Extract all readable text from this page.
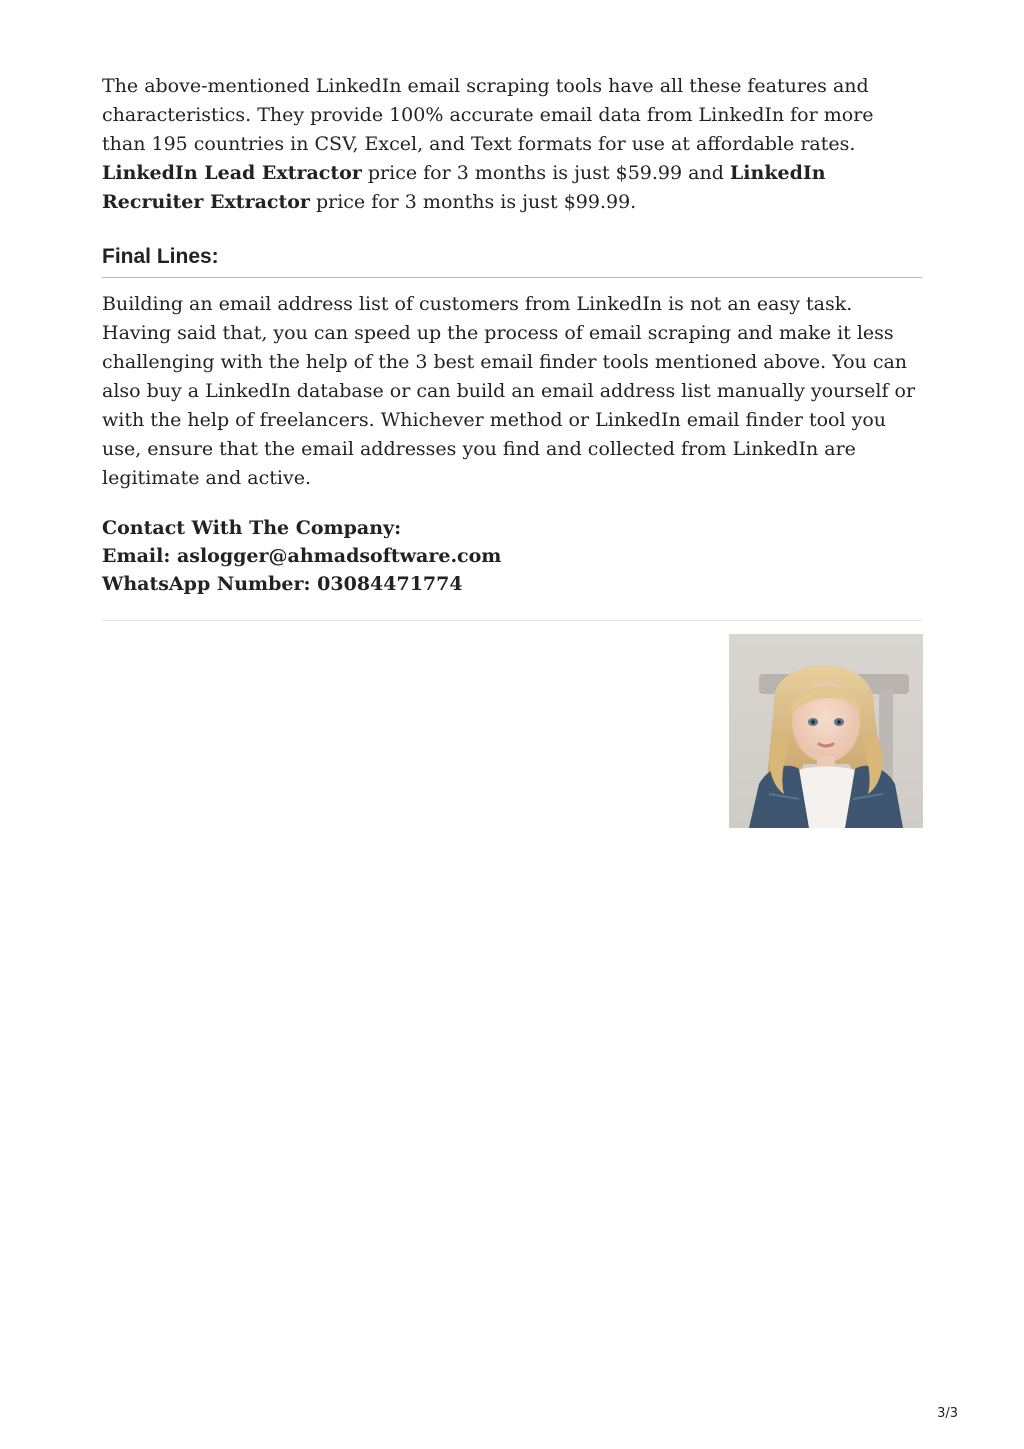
The above-mentioned LinkedIn email scraping tools have all these features and characteristics. They provide 100% accurate email data from LinkedIn for more than 195 countries in CSV, Excel, and Text formats for use at affordable rates. LinkedIn Lead Extractor price for 3 months is just $59.99 and LinkedIn Recruiter Extractor price for 3 months is just $99.99.

Final Lines:

Building an email address list of customers from LinkedIn is not an easy task. Having said that, you can speed up the process of email scraping and make it less challenging with the help of the 3 best email finder tools mentioned above. You can also buy a LinkedIn database or can build an email address list manually yourself or with the help of freelancers. Whichever method or LinkedIn email finder tool you use, ensure that the email addresses you find and collected from LinkedIn are legitimate and active.

Contact With The Company:
Email: aslogger@ahmadsoftware.com
WhatsApp Number: 03084471774
3/3
